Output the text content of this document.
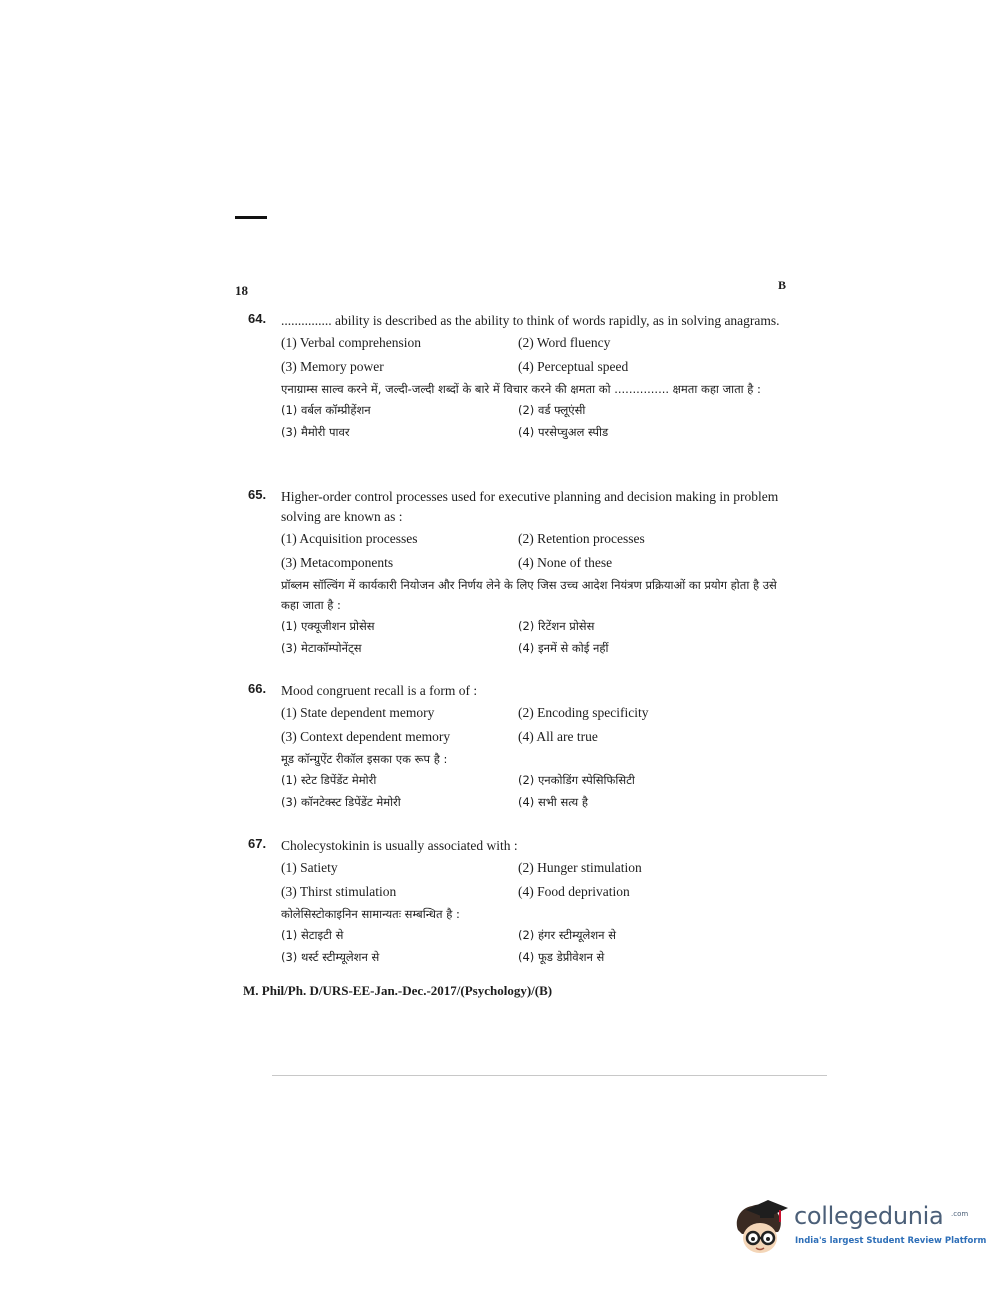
18	B
64. ............... ability is described as the ability to think of words rapidly, as in solving anagrams.
(1) Verbal comprehension	(2) Word fluency
(3) Memory power	(4) Perceptual speed
एनाग्राम्स साल्व करने में, जल्दी-जल्दी शब्दों के बारे में विचार करने की क्षमता को ............... क्षमता कहा जाता है :
(1) वर्बल कॉम्प्रीहेंशन	(2) वर्ड फ्लूएंसी
(3) मैमोरी पावर	(4) परसेप्चुअल स्पीड
65. Higher-order control processes used for executive planning and decision making in problem solving are known as :
(1) Acquisition processes	(2) Retention processes
(3) Metacomponents	(4) None of these
प्रॉब्लम सॉल्विंग में कार्यकारी नियोजन और निर्णय लेने के लिए जिस उच्च आदेश नियंत्रण प्रक्रियाओं का प्रयोग होता है उसे कहा जाता है :
(1) एक्यूजीशन प्रोसेस	(2) रिटेंशन प्रोसेस
(3) मेटाकॉम्पोनेंट्स	(4) इनमें से कोई नहीं
66. Mood congruent recall is a form of :
(1) State dependent memory	(2) Encoding specificity
(3) Context dependent memory	(4) All are true
मूड कॉन्ग्रुऐंट रीकॉल इसका एक रूप है :
(1) स्टेट डिपेंडेंट मेमोरी	(2) एनकोडिंग स्पेसिफिसिटी
(3) कॉनटेक्स्ट डिपेंडेंट मेमोरी	(4) सभी सत्य है
67. Cholecystokinin is usually associated with :
(1) Satiety	(2) Hunger stimulation
(3) Thirst stimulation	(4) Food deprivation
कोलेसिस्टोकाइनिन सामान्यतः सम्बन्धित है :
(1) सेटाइटी से	(2) हंगर स्टीम्यूलेशन से
(3) थर्स्ट स्टीम्यूलेशन से	(4) फूड डेप्रीवेशन से
M. Phil/Ph. D/URS-EE-Jan.-Dec.-2017/(Psychology)/(B)
collegedunia .com
India's largest Student Review Platform
